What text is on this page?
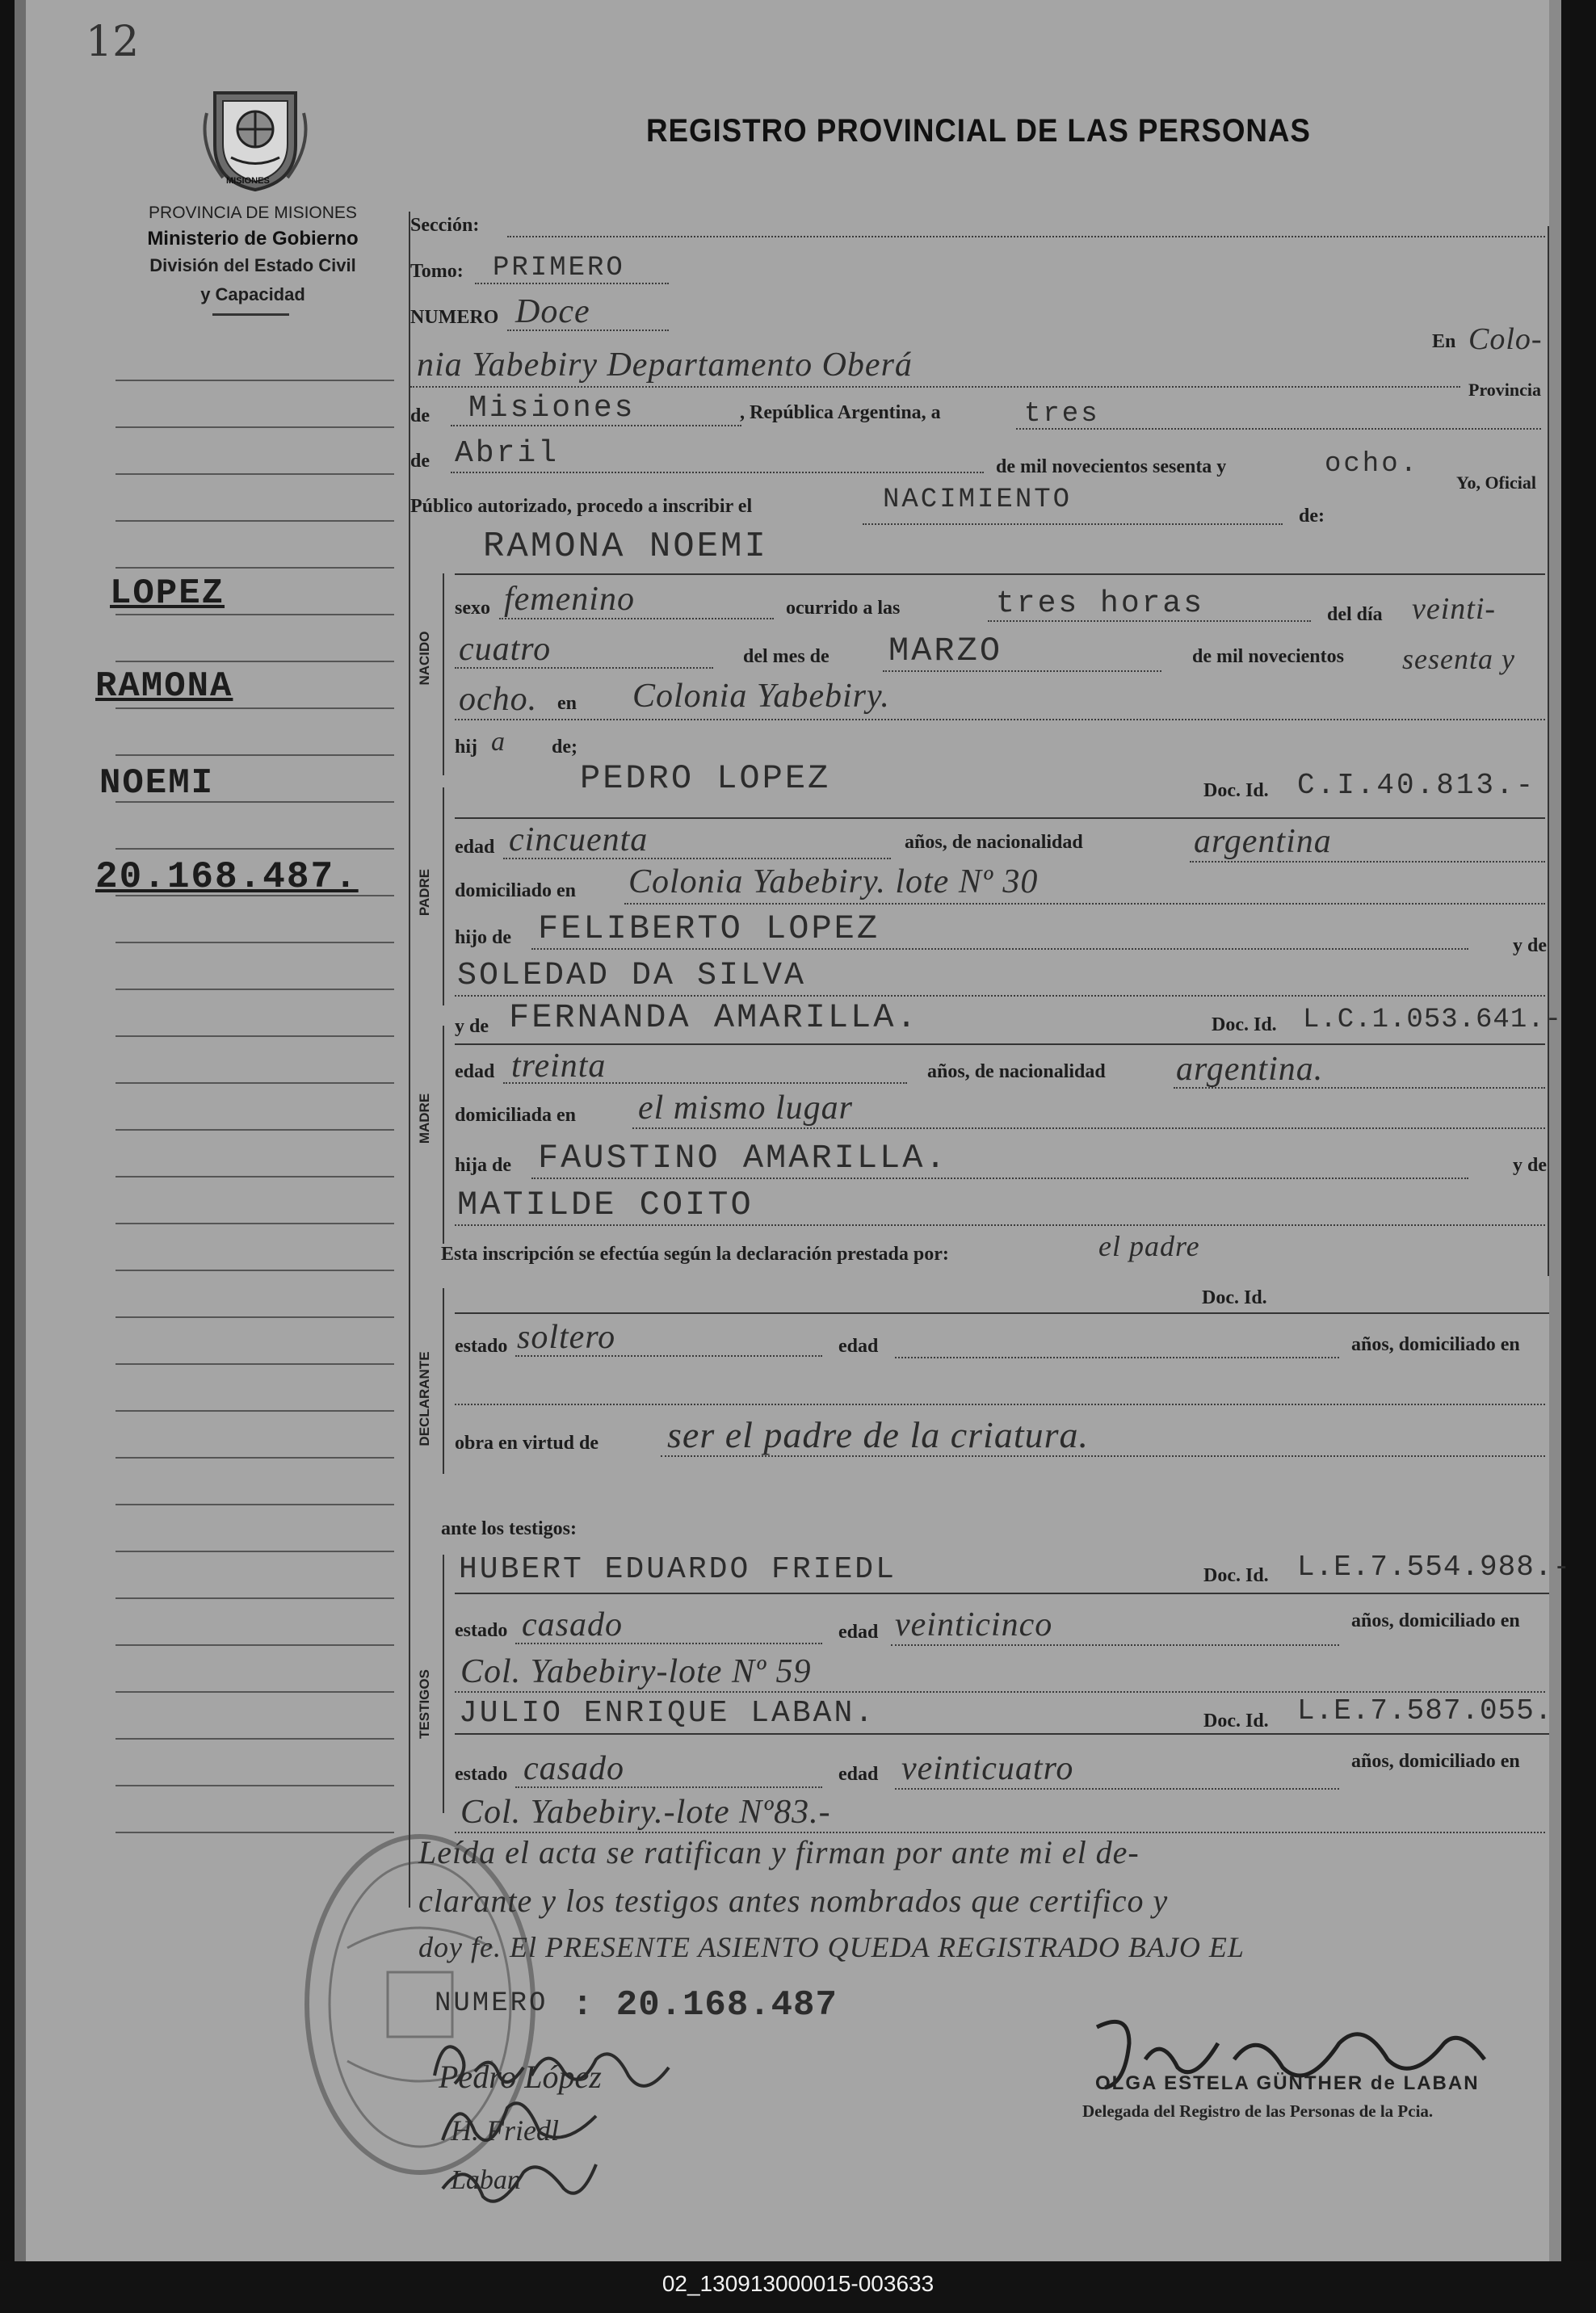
12
MISIONES
PROVINCIA DE MISIONES
Ministerio de Gobierno
División del Estado Civil
y Capacidad
REGISTRO PROVINCIAL DE LAS PERSONAS
LOPEZ
RAMONA
NOEMI
20.168.487.
Sección:
Tomo: PRIMERO
NUMERO Doce
En Colo-
nia Yabebiry Departamento Oberá
Provincia
de Misiones	, República Argentina, a	tres
de Abril	de mil novecientos sesenta y	ocho.
Yo, Oficial
Público autorizado, procedo a inscribir el	NACIMIENTO
de:
RAMONA NOEMI
NACIDO
sexo femenino	ocurrido a las	tres horas	del día veinti-
cuatro	del mes de MARZO	de mil novecientos sesenta y
ocho. en Colonia Yabebiry.
hij a de;
PEDRO LOPEZ	Doc. Id. C.I.40.813.-
PADRE
edad cincuenta	años, de nacionalidad	argentina
domiciliado en Colonia Yabebiry. lote Nº 30
hijo de FELIBERTO LOPEZ	y de
SOLEDAD DA SILVA
y de FERNANDA AMARILLA.	Doc. Id. L.C.1.053.641.-
MADRE
edad treinta	años, de nacionalidad argentina.
domiciliada en el mismo lugar
hija de FAUSTINO AMARILLA.	y de
MATILDE COITO
Esta inscripción se efectúa según la declaración prestada por:	el padre
DECLARANTE
Doc. Id.
estado soltero	edad	años, domiciliado en
obra en virtud de ser el padre de la criatura.
ante los testigos:
TESTIGOS
HUBERT EDUARDO FRIEDL	Doc. Id. L.E.7.554.988.-
estado casado	edad veinticinco	años, domiciliado en
Col. Yabebiry-lote Nº 59
JULIO ENRIQUE LABAN.	Doc. Id. L.E.7.587.055.
estado casado	edad veinticuatro	años, domiciliado en
Col. Yabebiry.-lote Nº83.-
Leída el acta se ratifican y firman por ante mi el de-
clarante y los testigos antes nombrados que certifico y
doy fe. El PRESENTE ASIENTO QUEDA REGISTRADO BAJO EL
NUMERO : 20.168.487
Pedro López
H. Friedl
Laban
OLGA ESTELA GÜNTHER de LABAN
Delegada del Registro de las Personas de la Pcia.
02_130913000015-003633
